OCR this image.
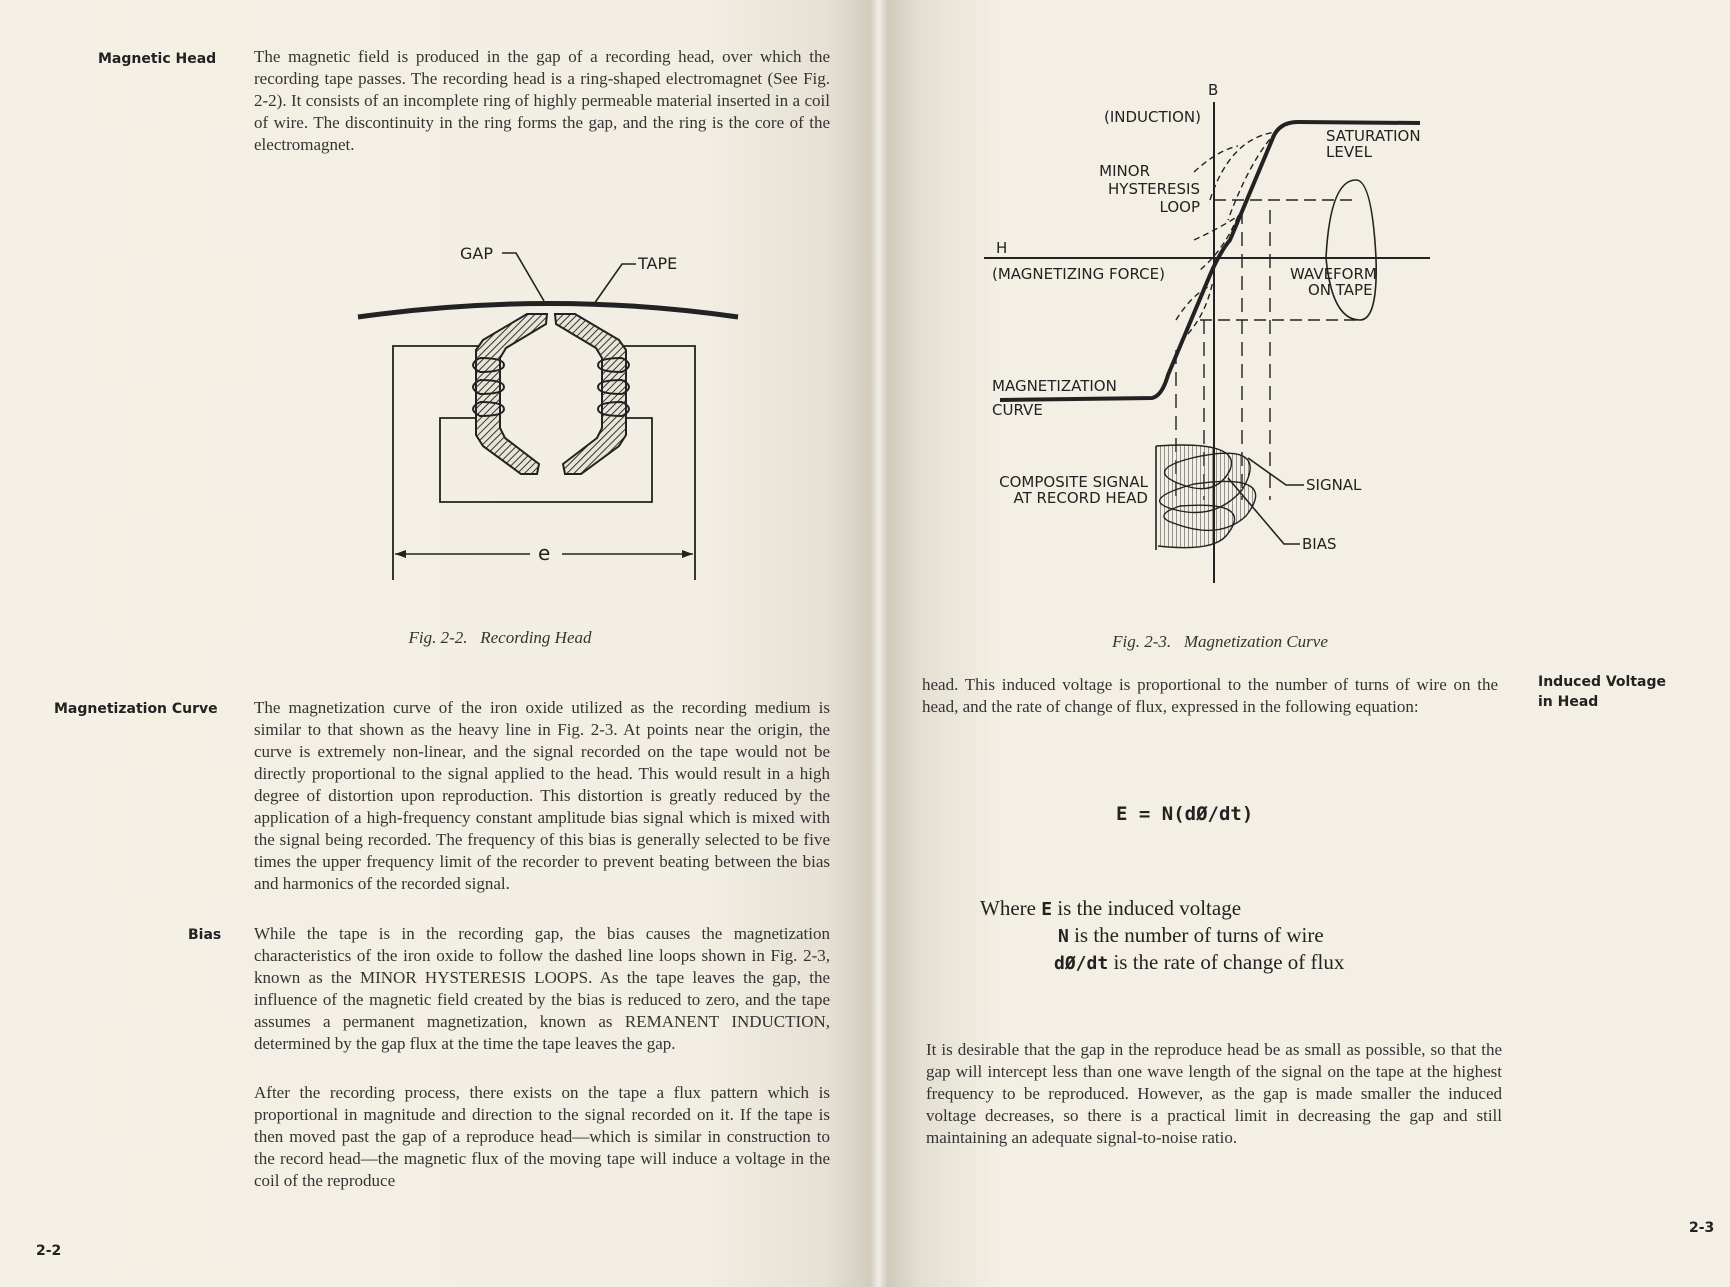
Magnetic Head The magnetic field is produced in the gap of a recording head, over which the recording tape passes. The recording head is a ring-shaped electromagnet (See Fig. 2-2). It consists of an incomplete ring of highly permeable material inserted in a coil of wire. The discontinuity in the ring forms the gap, and the ring is the core of the electromagnet.

GAP
TAPE
e
Fig. 2-2. Recording Head
Magnetization Curve The magnetization curve of the iron oxide utilized as the recording medium is similar to that shown as the heavy line in Fig. 2-3. At points near the origin, the curve is extremely non-linear, and the signal recorded on the tape would not be directly proportional to the signal applied to the head. This would result in a high degree of distortion upon reproduction. This distortion is greatly reduced by the application of a high-frequency constant amplitude bias signal which is mixed with the signal being recorded. The frequency of this bias is generally selected to be five times the upper frequency limit of the recorder to prevent beating between the bias and harmonics of the recorded signal.

Bias While the tape is in the recording gap, the bias causes the magnetization characteristics of the iron oxide to follow the dashed line loops shown in Fig. 2-3, known as the MINOR HYSTERESIS LOOPS. As the tape leaves the gap, the influence of the magnetic field created by the bias is reduced to zero, and the tape assumes a permanent magnetization, known as REMANENT INDUCTION, determined by the gap flux at the time the tape leaves the gap.

After the recording process, there exists on the tape a flux pattern which is proportional in magnitude and direction to the signal recorded on it. If the tape is then moved past the gap of a reproduce head—which is similar in construction to the record head—the magnetic flux of the moving tape will induce a voltage in the coil of the reproduce

2-2
B
(INDUCTION)
H
(MAGNETIZING FORCE)
MINOR
HYSTERESIS
LOOP
SATURATION
LEVEL
WAVEFORM
ON TAPE
MAGNETIZATION
CURVE
COMPOSITE SIGNAL
AT RECORD HEAD
SIGNAL
BIAS
Fig. 2-3. Magnetization Curve

head. This induced voltage is proportional to the number of turns of wire on the head, and the rate of change of flux, expressed in the following equation:

Induced Voltage
in Head
E = N(dØ/dt)
Where E is the induced voltage
N is the number of turns of wire
dØ/dt is the rate of change of flux

It is desirable that the gap in the reproduce head be as small as possible, so that the gap will intercept less than one wave length of the signal on the tape at the highest frequency to be reproduced. However, as the gap is made smaller the induced voltage decreases, so there is a practical limit in decreasing the gap and still maintaining an adequate signal-to-noise ratio.

2-3
